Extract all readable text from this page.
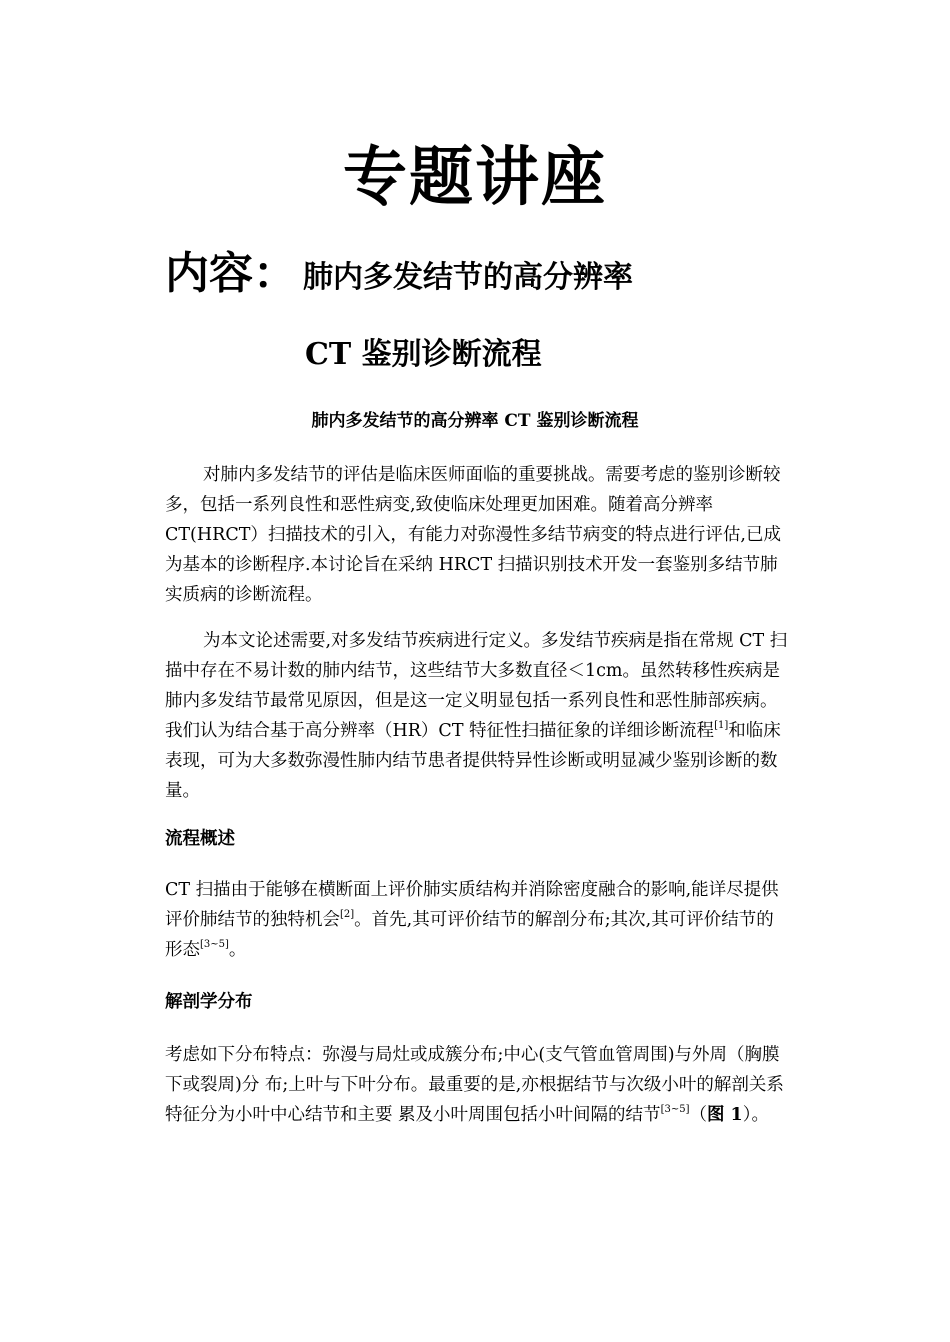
专题讲座
内容： 肺内多发结节的高分辨率
CT 鉴别诊断流程
肺内多发结节的高分辨率 CT 鉴别诊断流程
对肺内多发结节的评估是临床医师面临的重要挑战。需要考虑的鉴别诊断较多，包括一系列良性和恶性病变,致使临床处理更加困难。随着高分辨率 CT(HRCT）扫描技术的引入，有能力对弥漫性多结节病变的特点进行评估,已成为基本的诊断程序.本讨论旨在采纳 HRCT 扫描识别技术开发一套鉴别多结节肺实质病的诊断流程。
为本文论述需要,对多发结节疾病进行定义。多发结节疾病是指在常规 CT 扫描中存在不易计数的肺内结节，这些结节大多数直径＜1cm。虽然转移性疾病是肺内多发结节最常见原因，但是这一定义明显包括一系列良性和恶性肺部疾病。我们认为结合基于高分辨率（HR）CT 特征性扫描征象的详细诊断流程[1]和临床表现，可为大多数弥漫性肺内结节患者提供特异性诊断或明显减少鉴别诊断的数量。
流程概述
CT 扫描由于能够在横断面上评价肺实质结构并消除密度融合的影响,能详尽提供评价肺结节的独特机会[2]。首先,其可评价结节的解剖分布;其次,其可评价结节的形态[3~5]。
解剖学分布
考虑如下分布特点：弥漫与局灶或成簇分布;中心(支气管血管周围)与外周（胸膜下或裂周)分 布;上叶与下叶分布。最重要的是,亦根据结节与次级小叶的解剖关系特征分为小叶中心结节和主要 累及小叶周围包括小叶间隔的结节[3~5]（图 1）。
